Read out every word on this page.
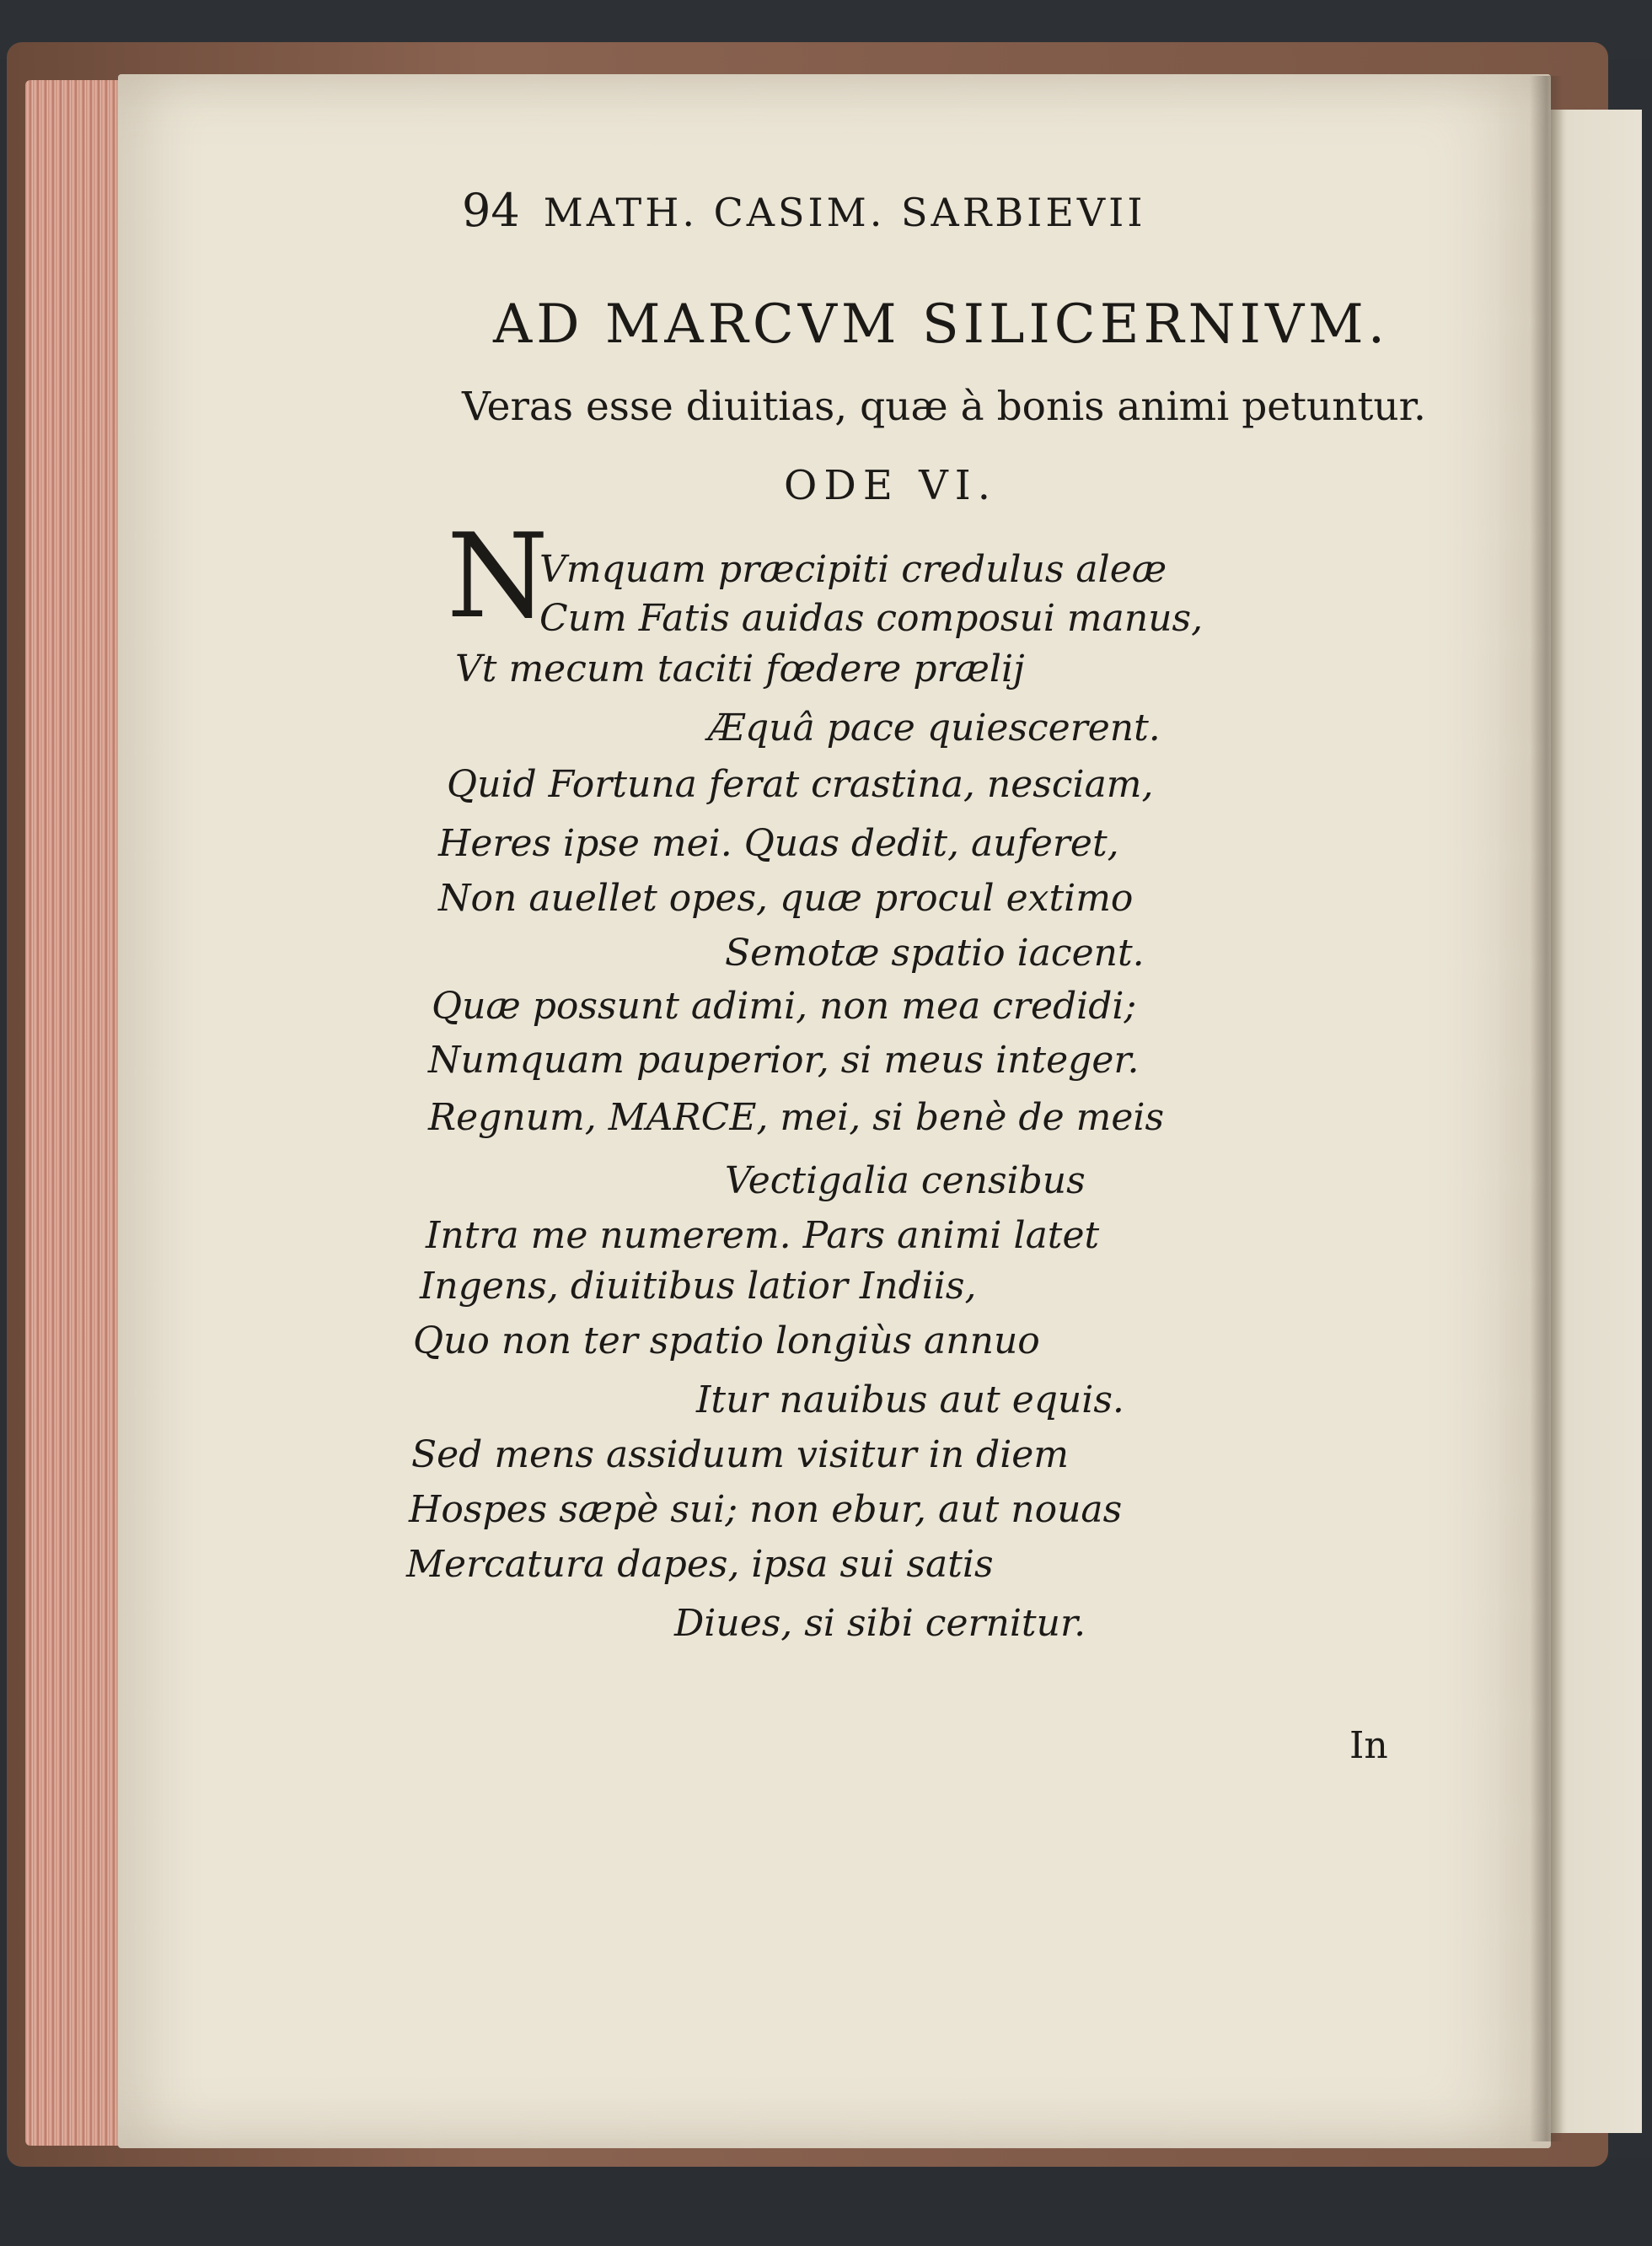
94 MATH. CASIM. SARBIEVII
AD MARCVM SILICERNIVM.
Veras esse diuitias, quæ à bonis animi petuntur.
ODE VI.
N
Vmquam præcipiti credulus aleæ
Cum Fatis auidas composui manus,
Vt mecum taciti fœdere prælij
Æquâ pace quiescerent.
Quid Fortuna ferat crastina, nesciam,
Heres ipse mei. Quas dedit, auferet,
Non auellet opes, quæ procul extimo
Semotæ spatio iacent.
Quæ possunt adimi, non mea credidi;
Numquam pauperior, si meus integer.
Regnum, MARCE, mei, si benè de meis
Vectigalia censibus
Intra me numerem. Pars animi latet
Ingens, diuitibus latior Indiis,
Quo non ter spatio longiùs annuo
Itur nauibus aut equis.
Sed mens assiduum visitur in diem
Hospes sæpè sui; non ebur, aut nouas
Mercatura dapes, ipsa sui satis
Diues, si sibi cernitur.
In
